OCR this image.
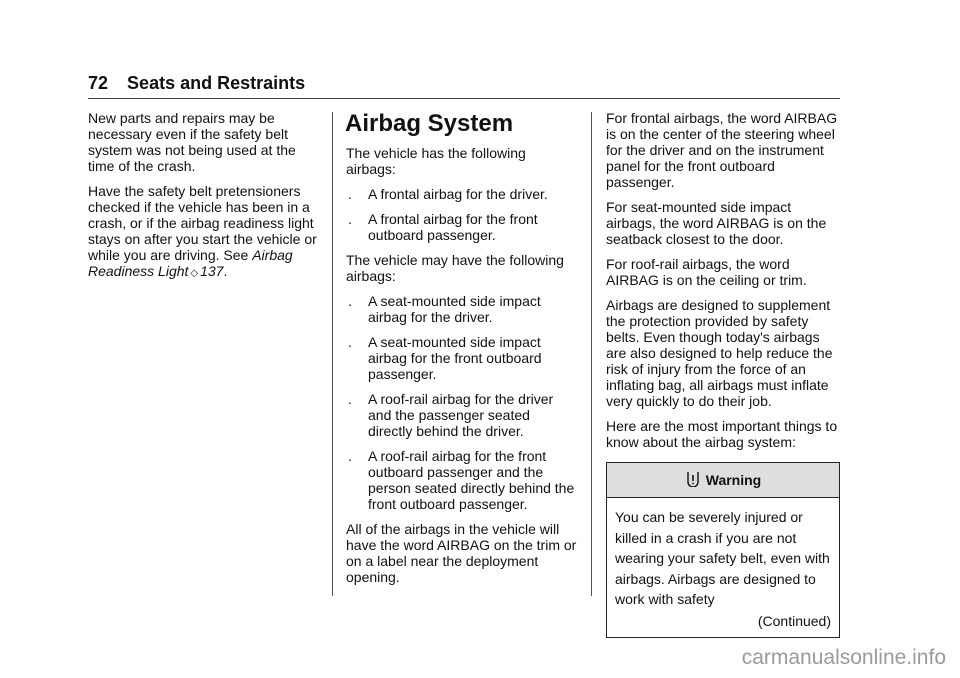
72 Seats and Restraints

New parts and repairs may be necessary even if the safety belt system was not being used at the time of the crash.

Have the safety belt pretensioners checked if the vehicle has been in a crash, or if the airbag readiness light stays on after you start the vehicle or while you are driving. See Airbag Readiness Light ◇ 137.

Airbag System

The vehicle has the following airbags:

. A frontal airbag for the driver.
. A frontal airbag for the front outboard passenger.

The vehicle may have the following airbags:

. A seat-mounted side impact airbag for the driver.
. A seat-mounted side impact airbag for the front outboard passenger.
. A roof-rail airbag for the driver and the passenger seated directly behind the driver.
. A roof-rail airbag for the front outboard passenger and the person seated directly behind the front outboard passenger.

All of the airbags in the vehicle will have the word AIRBAG on the trim or on a label near the deployment opening.

For frontal airbags, the word AIRBAG is on the center of the steering wheel for the driver and on the instrument panel for the front outboard passenger.

For seat-mounted side impact airbags, the word AIRBAG is on the seatback closest to the door.

For roof-rail airbags, the word AIRBAG is on the ceiling or trim.

Airbags are designed to supplement the protection provided by safety belts. Even though today's airbags are also designed to help reduce the risk of injury from the force of an inflating bag, all airbags must inflate very quickly to do their job.

Here are the most important things to know about the airbag system:

Warning
You can be severely injured or killed in a crash if you are not wearing your safety belt, even with airbags. Airbags are designed to work with safety
(Continued)
carmanualsonline.info
